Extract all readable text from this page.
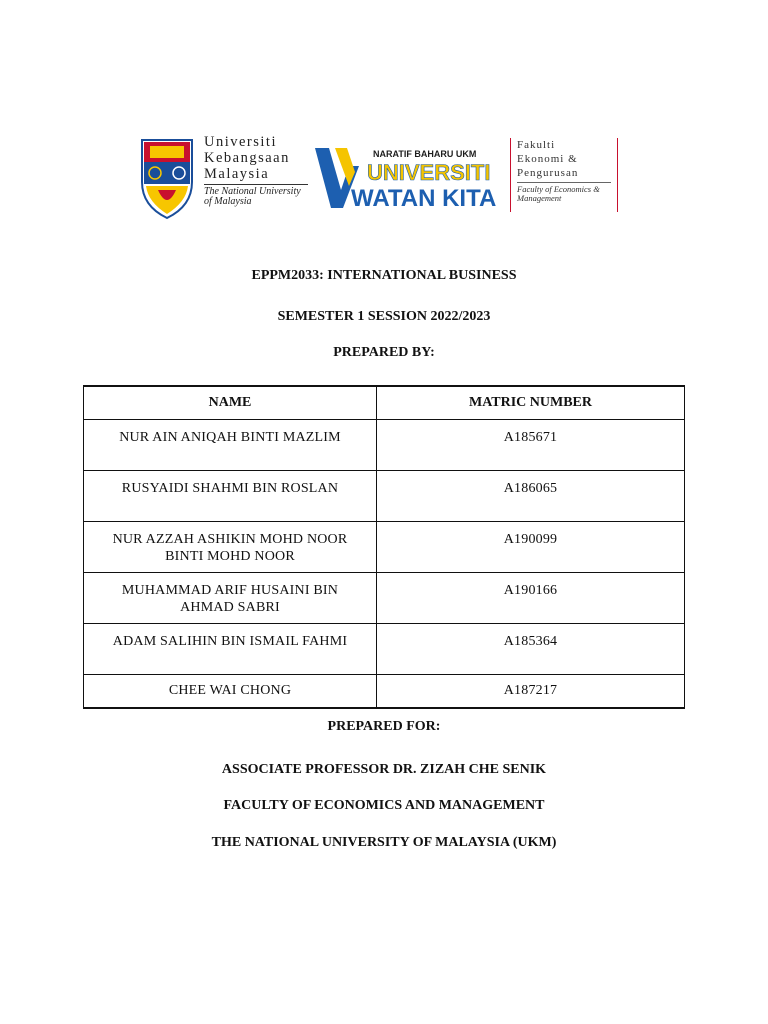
Universiti
Kebangsaan
Malaysia
The National University
of Malaysia
NARATIF BAHARU UKM
UNIVERSITI
WATAN KITA
Fakulti
Ekonomi &
Pengurusan
Faculty of Economics &
Management
EPPM2033: INTERNATIONAL BUSINESS
SEMESTER 1 SESSION 2022/2023
PREPARED BY:
NAME	MATRIC NUMBER

NUR AIN ANIQAH BINTI MAZLIM	A185671

RUSYAIDI SHAHMI BIN ROSLAN	A186065

NUR AZZAH ASHIKIN MOHD NOOR BINTI MOHD NOOR	A190099

MUHAMMAD ARIF HUSAINI BIN AHMAD SABRI	A190166

ADAM SALIHIN BIN ISMAIL FAHMI	A185364

CHEE WAI CHONG	A187217
PREPARED FOR:
ASSOCIATE PROFESSOR DR. ZIZAH CHE SENIK
FACULTY OF ECONOMICS AND MANAGEMENT
THE NATIONAL UNIVERSITY OF MALAYSIA (UKM)
